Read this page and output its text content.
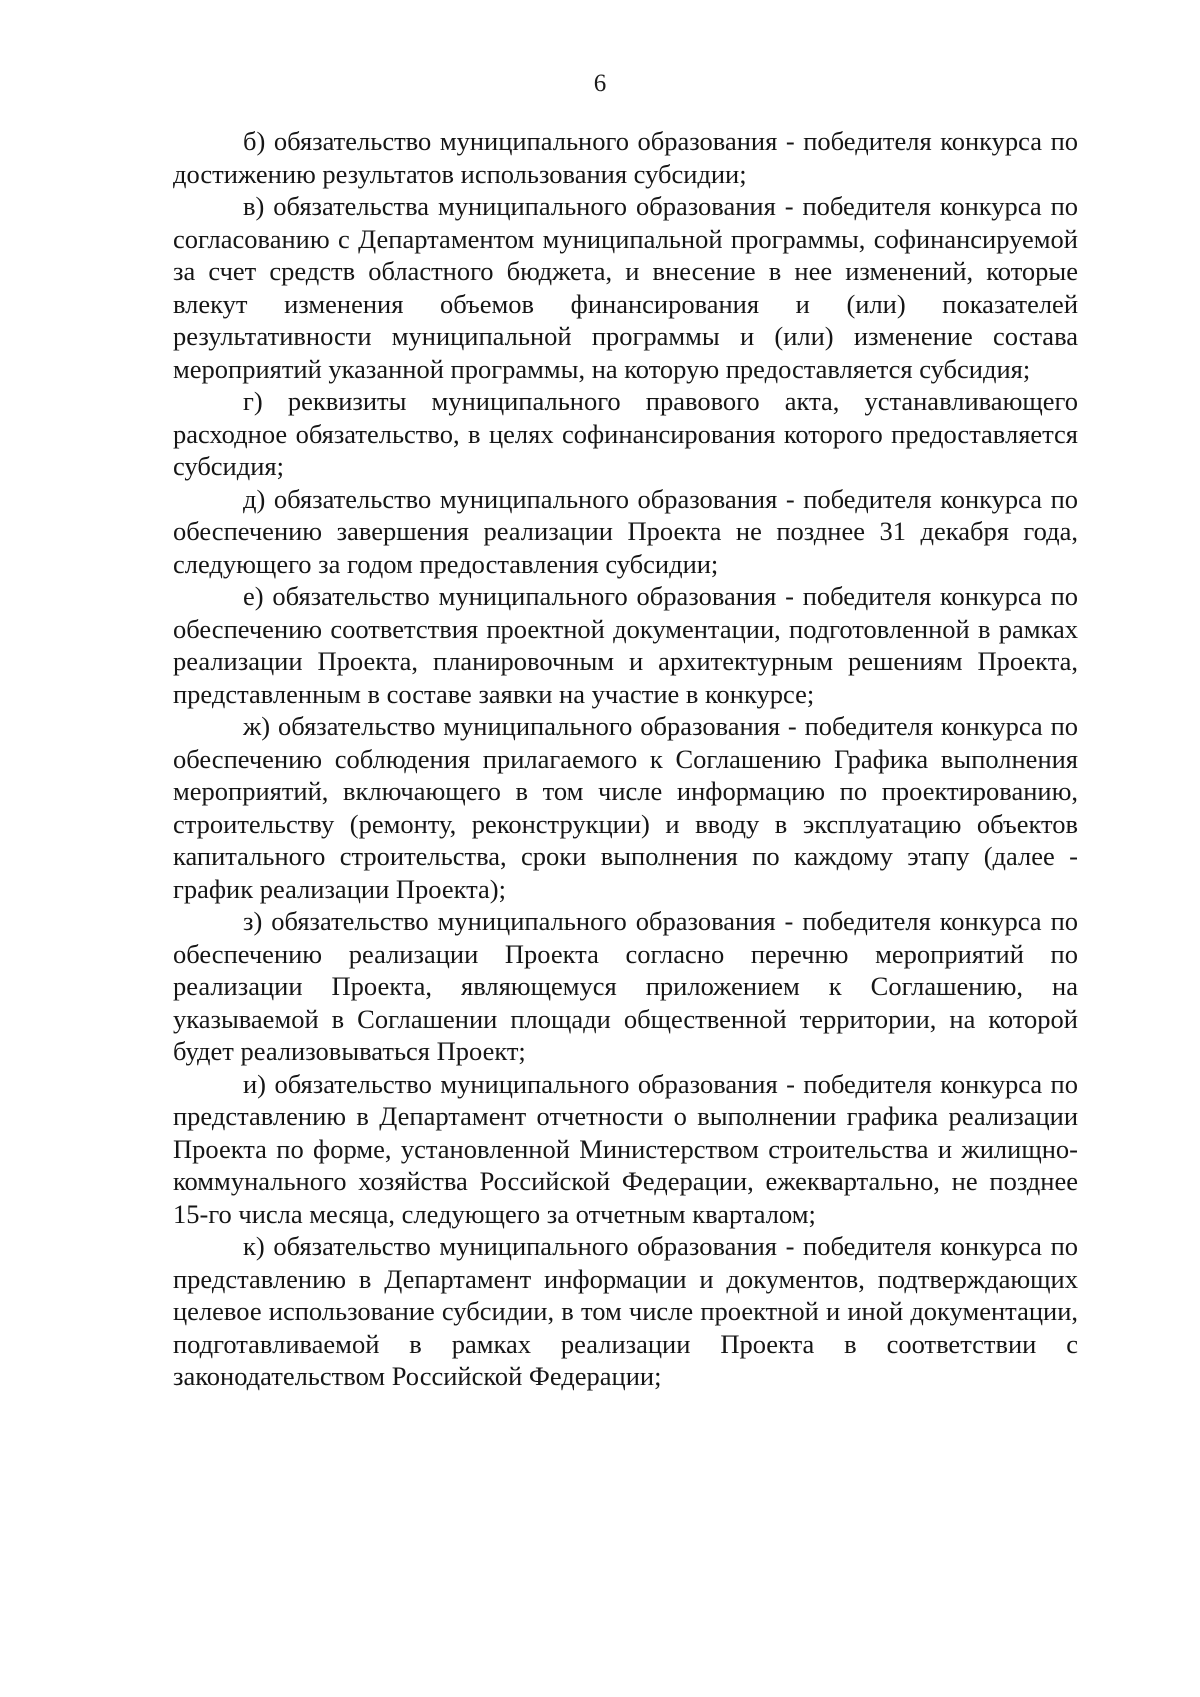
6

б) обязательство муниципального образования - победителя конкурса по достижению результатов использования субсидии;

в) обязательства муниципального образования - победителя конкурса по согласованию с Департаментом муниципальной программы, софинансируемой за счет средств областного бюджета, и внесение в нее изменений, которые влекут изменения объемов финансирования и (или) показателей результативности муниципальной программы и (или) изменение состава мероприятий указанной программы, на которую предоставляется субсидия;

г) реквизиты муниципального правового акта, устанавливающего расходное обязательство, в целях софинансирования которого предоставляется субсидия;

д) обязательство муниципального образования - победителя конкурса по обеспечению завершения реализации Проекта не позднее 31 декабря года, следующего за годом предоставления субсидии;

е) обязательство муниципального образования - победителя конкурса по обеспечению соответствия проектной документации, подготовленной в рамках реализации Проекта, планировочным и архитектурным решениям Проекта, представленным в составе заявки на участие в конкурсе;

ж) обязательство муниципального образования - победителя конкурса по обеспечению соблюдения прилагаемого к Соглашению Графика выполнения мероприятий, включающего в том числе информацию по проектированию, строительству (ремонту, реконструкции) и вводу в эксплуатацию объектов капитального строительства, сроки выполнения по каждому этапу (далее - график реализации Проекта);

з) обязательство муниципального образования - победителя конкурса по обеспечению реализации Проекта согласно перечню мероприятий по реализации Проекта, являющемуся приложением к Соглашению, на указываемой в Соглашении площади общественной территории, на которой будет реализовываться Проект;

и) обязательство муниципального образования - победителя конкурса по представлению в Департамент отчетности о выполнении графика реализации Проекта по форме, установленной Министерством строительства и жилищно-коммунального хозяйства Российской Федерации, ежеквартально, не позднее 15-го числа месяца, следующего за отчетным кварталом;

к) обязательство муниципального образования - победителя конкурса по представлению в Департамент информации и документов, подтверждающих целевое использование субсидии, в том числе проектной и иной документации, подготавливаемой в рамках реализации Проекта в соответствии с законодательством Российской Федерации;
